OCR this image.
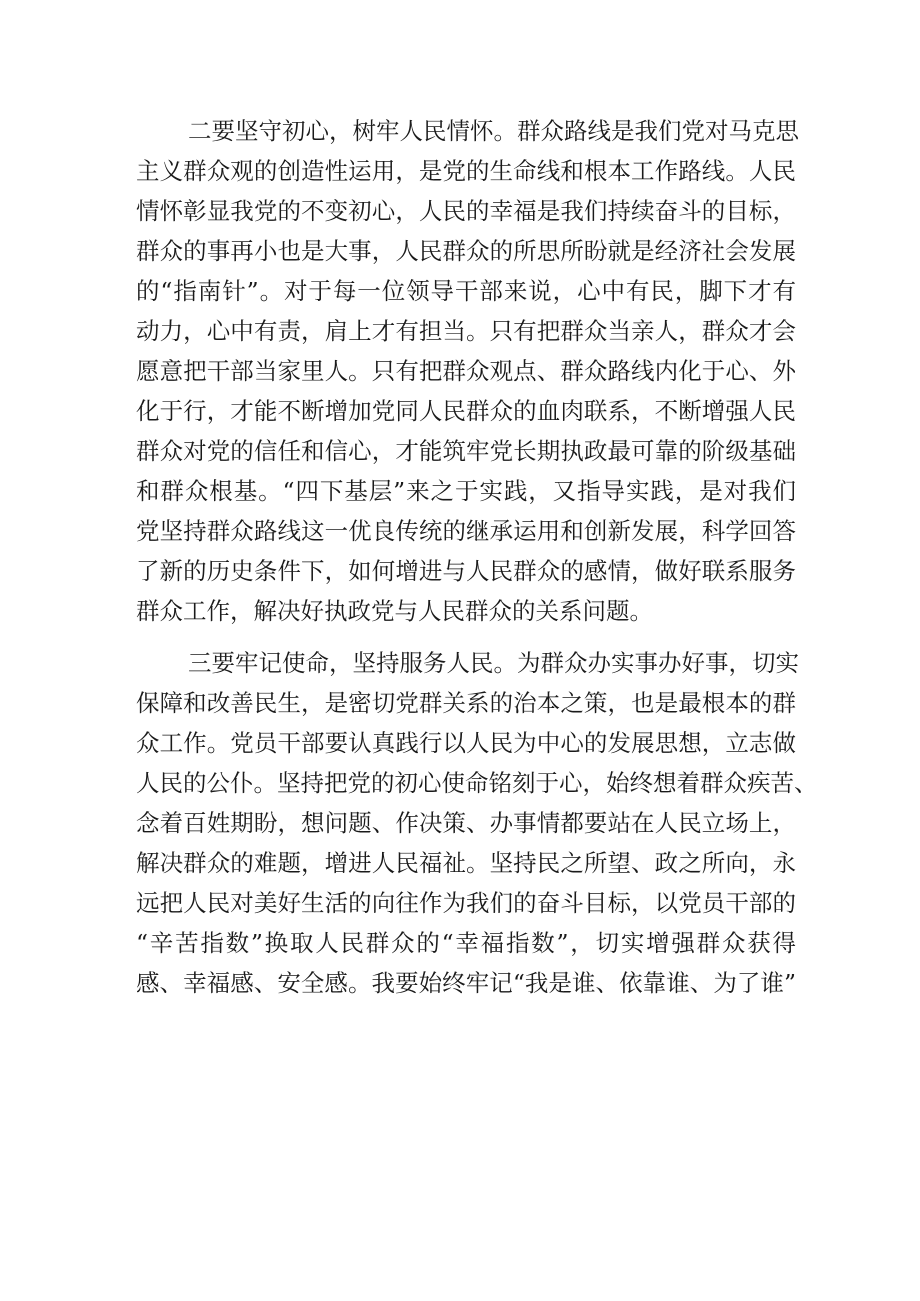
二要坚守初心，树牢人民情怀。群众路线是我们党对马克思
主义群众观的创造性运用，是党的生命线和根本工作路线。人民
情怀彰显我党的不变初心，人民的幸福是我们持续奋斗的目标，
群众的事再小也是大事，人民群众的所思所盼就是经济社会发展
的“指南针”。对于每一位领导干部来说，心中有民，脚下才有
动力，心中有责，肩上才有担当。只有把群众当亲人，群众才会
愿意把干部当家里人。只有把群众观点、群众路线内化于心、外
化于行，才能不断增加党同人民群众的血肉联系，不断增强人民
群众对党的信任和信心，才能筑牢党长期执政最可靠的阶级基础
和群众根基。“四下基层”来之于实践，又指导实践，是对我们
党坚持群众路线这一优良传统的继承运用和创新发展，科学回答
了新的历史条件下，如何增进与人民群众的感情，做好联系服务
群众工作，解决好执政党与人民群众的关系问题。
三要牢记使命，坚持服务人民。为群众办实事办好事，切实
保障和改善民生，是密切党群关系的治本之策，也是最根本的群
众工作。党员干部要认真践行以人民为中心的发展思想，立志做
人民的公仆。坚持把党的初心使命铭刻于心，始终想着群众疾苦、
念着百姓期盼，想问题、作决策、办事情都要站在人民立场上，
解决群众的难题，增进人民福祉。坚持民之所望、政之所向，永
远把人民对美好生活的向往作为我们的奋斗目标，以党员干部的
“辛苦指数”换取人民群众的“幸福指数”，切实增强群众获得
感、幸福感、安全感。我要始终牢记“我是谁、依靠谁、为了谁”
